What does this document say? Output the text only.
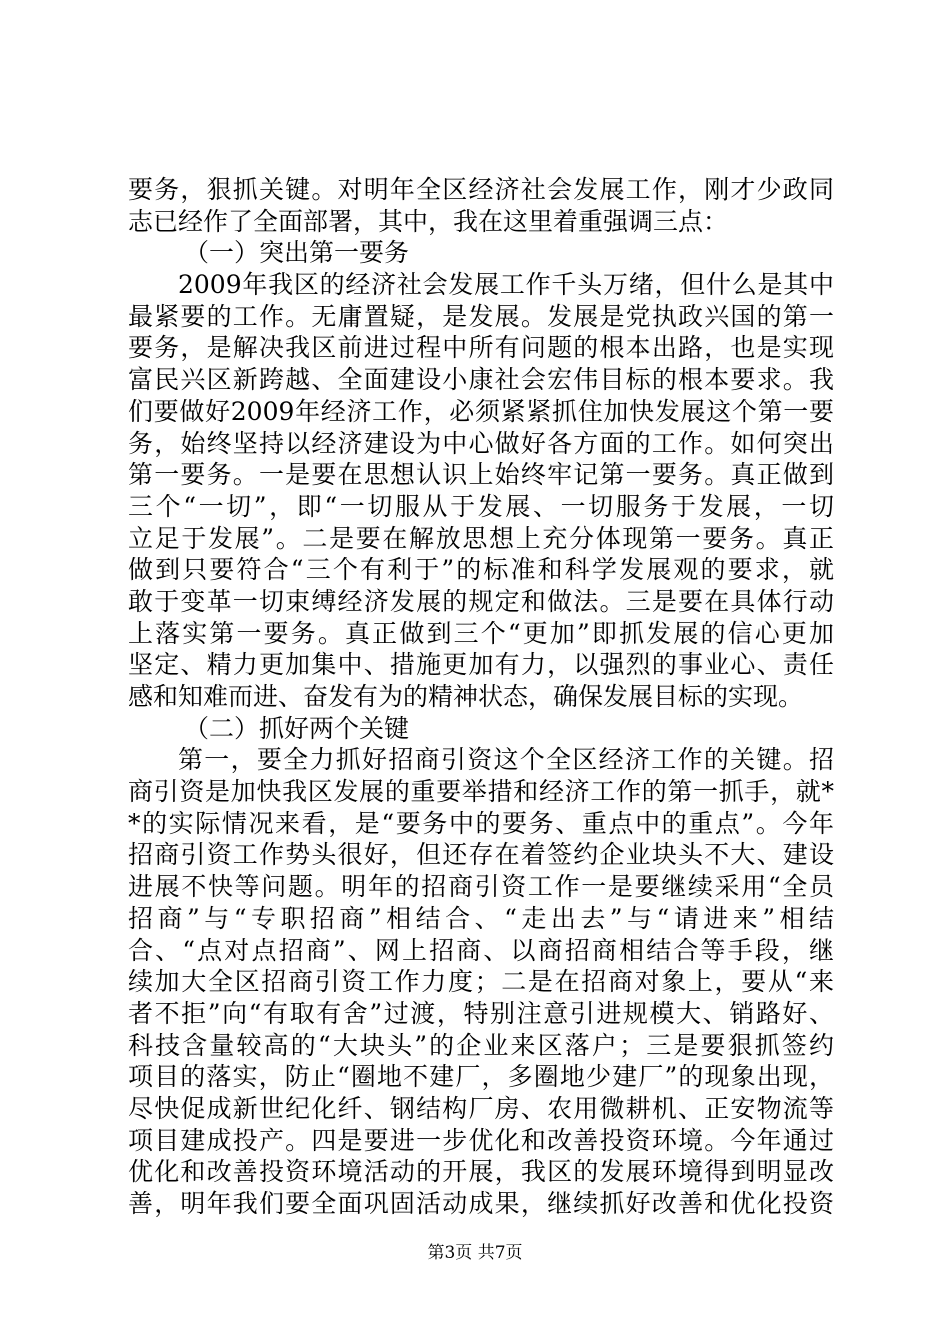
要务，狠抓关键。对明年全区经济社会发展工作，刚才少政同
志已经作了全面部署，其中，我在这里着重强调三点：
（一）突出第一要务
2009年我区的经济社会发展工作千头万绪，但什么是其中
最紧要的工作。无庸置疑，是发展。发展是党执政兴国的第一
要务，是解决我区前进过程中所有问题的根本出路，也是实现
富民兴区新跨越、全面建设小康社会宏伟目标的根本要求。我
们要做好2009年经济工作，必须紧紧抓住加快发展这个第一要
务，始终坚持以经济建设为中心做好各方面的工作。如何突出
第一要务。一是要在思想认识上始终牢记第一要务。真正做到
三个“一切”，即“一切服从于发展、一切服务于发展，一切
立足于发展”。二是要在解放思想上充分体现第一要务。真正
做到只要符合“三个有利于”的标准和科学发展观的要求，就
敢于变革一切束缚经济发展的规定和做法。三是要在具体行动
上落实第一要务。真正做到三个“更加”即抓发展的信心更加
坚定、精力更加集中、措施更加有力，以强烈的事业心、责任
感和知难而进、奋发有为的精神状态，确保发展目标的实现。
（二）抓好两个关键
第一，要全力抓好招商引资这个全区经济工作的关键。招
商引资是加快我区发展的重要举措和经济工作的第一抓手，就*
*的实际情况来看，是“要务中的要务、重点中的重点”。今年
招商引资工作势头很好，但还存在着签约企业块头不大、建设
进展不快等问题。明年的招商引资工作一是要继续采用“全员
招商”与“专职招商”相结合、“走出去”与“请进来”相结
合、“点对点招商”、网上招商、以商招商相结合等手段，继
续加大全区招商引资工作力度；二是在招商对象上，要从“来
者不拒”向“有取有舍”过渡，特别注意引进规模大、销路好、
科技含量较高的“大块头”的企业来区落户；三是要狠抓签约
项目的落实，防止“圈地不建厂，多圈地少建厂”的现象出现，
尽快促成新世纪化纤、钢结构厂房、农用微耕机、正安物流等
项目建成投产。四是要进一步优化和改善投资环境。今年通过
优化和改善投资环境活动的开展，我区的发展环境得到明显改
善，明年我们要全面巩固活动成果，继续抓好改善和优化投资
第3页 共7页
